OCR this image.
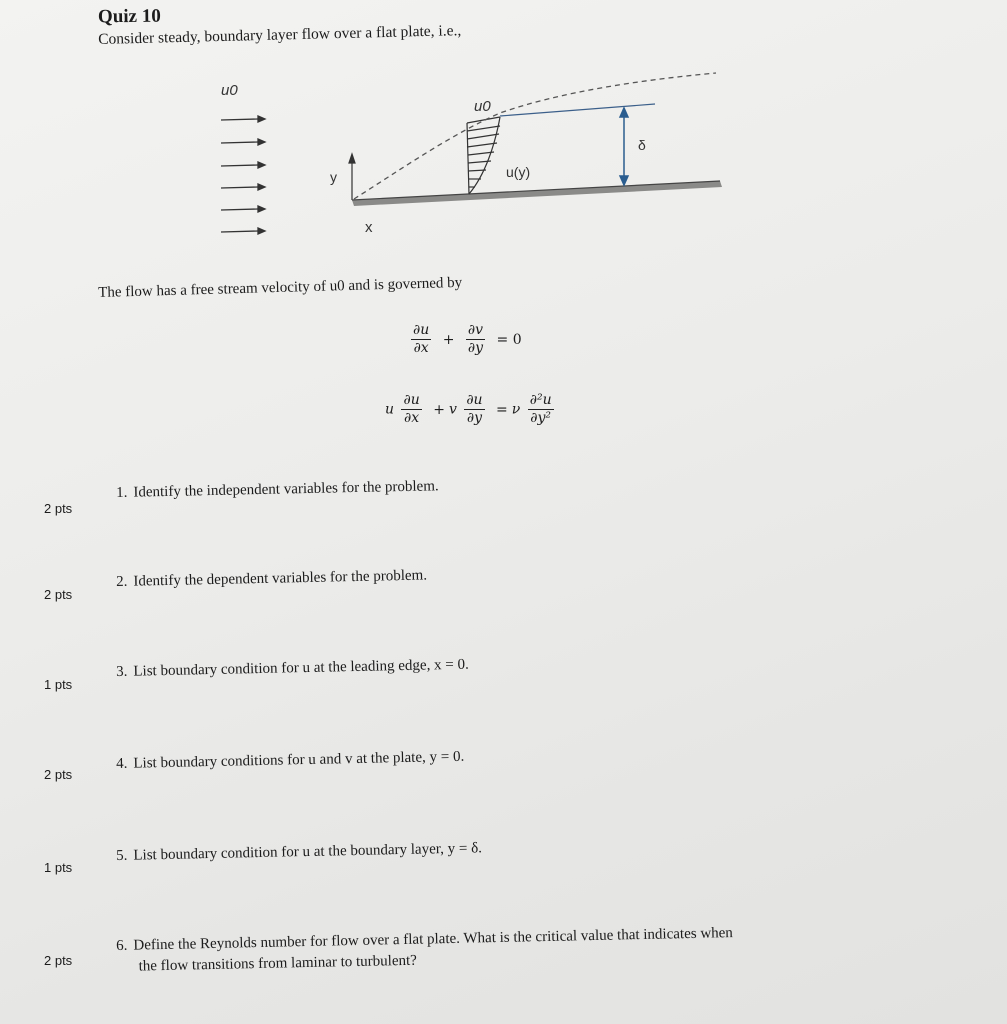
Quiz 10
Consider steady, boundary layer flow over a flat plate, i.e.,
u0
y
x
u0
u(y)
δ
The flow has a free stream velocity of u0 and is governed by
$\frac{\partial u}{\partial x} + \frac{\partial v}{\partial y} = 0$
u $\frac{\partial u}{\partial x} + v \frac{\partial u}{\partial y} = \nu \frac{\text{∂²u}}{\text{∂y²}}$
2 pts
1. Identify the independent variables for the problem.
2 pts
2. Identify the dependent variables for the problem.
1 pts
3. List boundary condition for u at the leading edge, x = 0.
2 pts
4. List boundary conditions for u and v at the plate, y = 0.
1 pts
5. List boundary condition for u at the boundary layer, y = δ.
2 pts
6. Define the Reynolds number for flow over a flat plate. What is the critical value that indicates when
the flow transitions from laminar to turbulent?
